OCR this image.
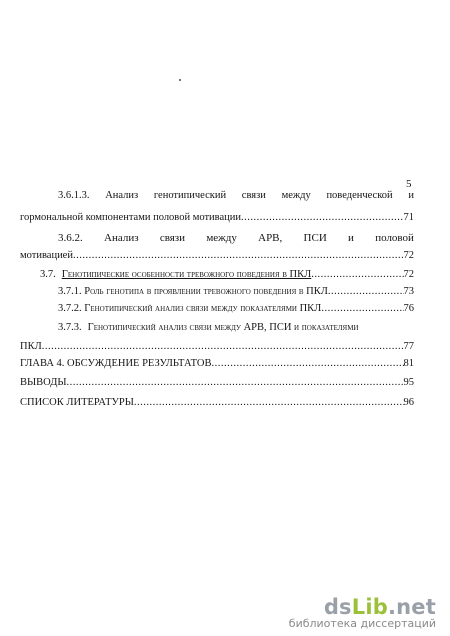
5
3.6.1.3. Анализ генотипический связи между поведенческой и
гормональной компонентами половой мотивации .....	71
3.6.2. Анализ связи между АРВ, ПСИ и половой
мотивацией .....	72
3.7. Генотипические особенности тревожного поведения в ПКЛ .....	72
3.7.1. Роль генотипа в проявлении тревожного поведения в ПКЛ .....	73
3.7.2. Генотипический анализ связи между показателями ПКЛ .....	76
3.7.3. Генотипический анализ связи между АРВ, ПСИ и показателями
ПКЛ .....	77
ГЛАВА 4. ОБСУЖДЕНИЕ РЕЗУЛЬТАТОВ .....	81
ВЫВОДЫ .....	95
СПИСОК ЛИТЕРАТУРЫ .....	96
dsLib.net
библиотека диссертаций
